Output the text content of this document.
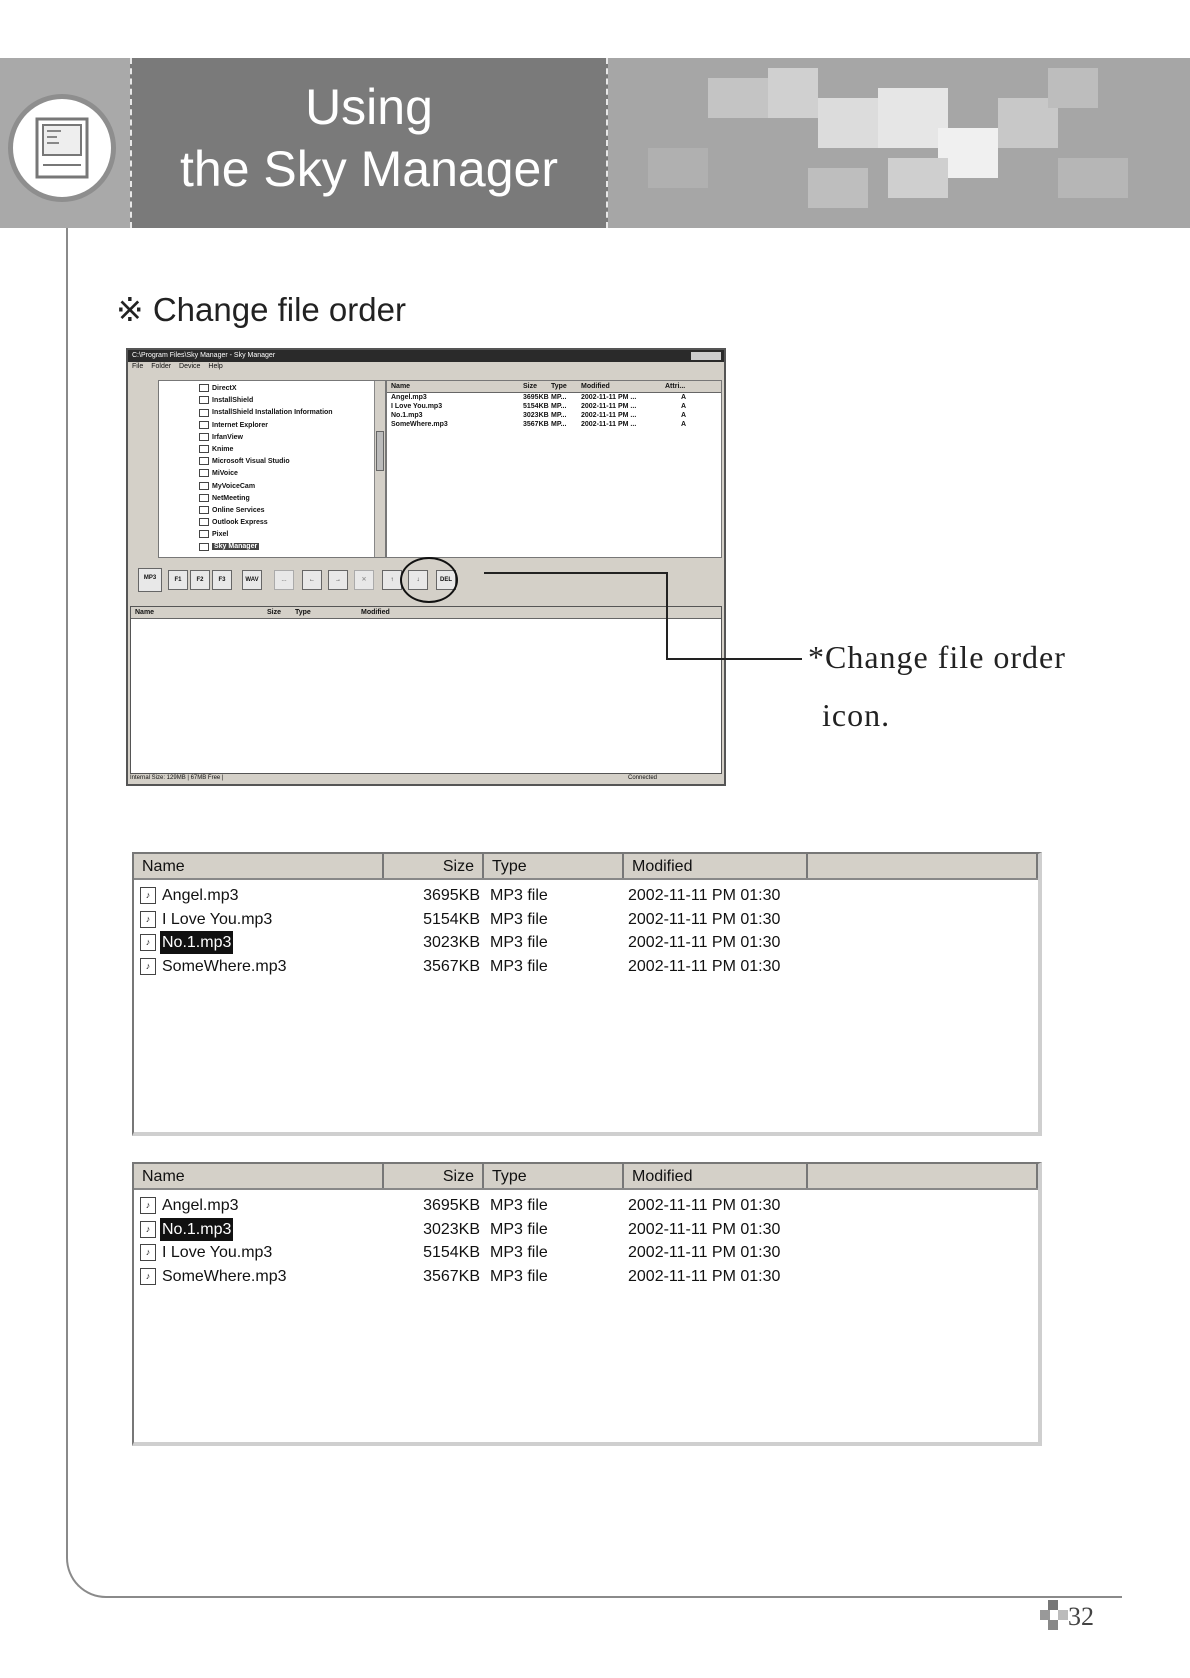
Using
the Sky Manager
※ Change file order
C:\Program Files\Sky Manager - Sky Manager
File Folder Device Help
DirectX
InstallShield
InstallShield Installation Information
Internet Explorer
IrfanView
Knime
Microsoft Visual Studio
MiVoice
MyVoiceCam
NetMeeting
Online Services
Outlook Express
Pixel
Sky Manager
Name	Size Type Modified	Attri...
Angel.mp3	3695KB MP... 2002-11-11 PM ...	A
I Love You.mp3	5154KB MP... 2002-11-11 PM ...	A
No.1.mp3	3023KB MP... 2002-11-11 PM ...	A
SomeWhere.mp3	3567KB MP... 2002-11-11 PM ...	A
MP3	F1	F2	F3	WAV	...	←	→	✕	↑	↓	DEL
Name	Size Type	Modified
Internal Size: 129MB | 67MB Free |	Connected
*Change file order
icon.
Name	Size	Type	Modified
♪ Angel.mp3	3695KB MP3 file	2002-11-11 PM 01:30
♪ I Love You.mp3	5154KB MP3 file	2002-11-11 PM 01:30
♪ No.1.mp3	3023KB MP3 file	2002-11-11 PM 01:30
♪ SomeWhere.mp3	3567KB MP3 file	2002-11-11 PM 01:30
Name	Size	Type	Modified
♪ Angel.mp3	3695KB MP3 file	2002-11-11 PM 01:30
♪ No.1.mp3	3023KB MP3 file	2002-11-11 PM 01:30
♪ I Love You.mp3	5154KB MP3 file	2002-11-11 PM 01:30
♪ SomeWhere.mp3	3567KB MP3 file	2002-11-11 PM 01:30
32
